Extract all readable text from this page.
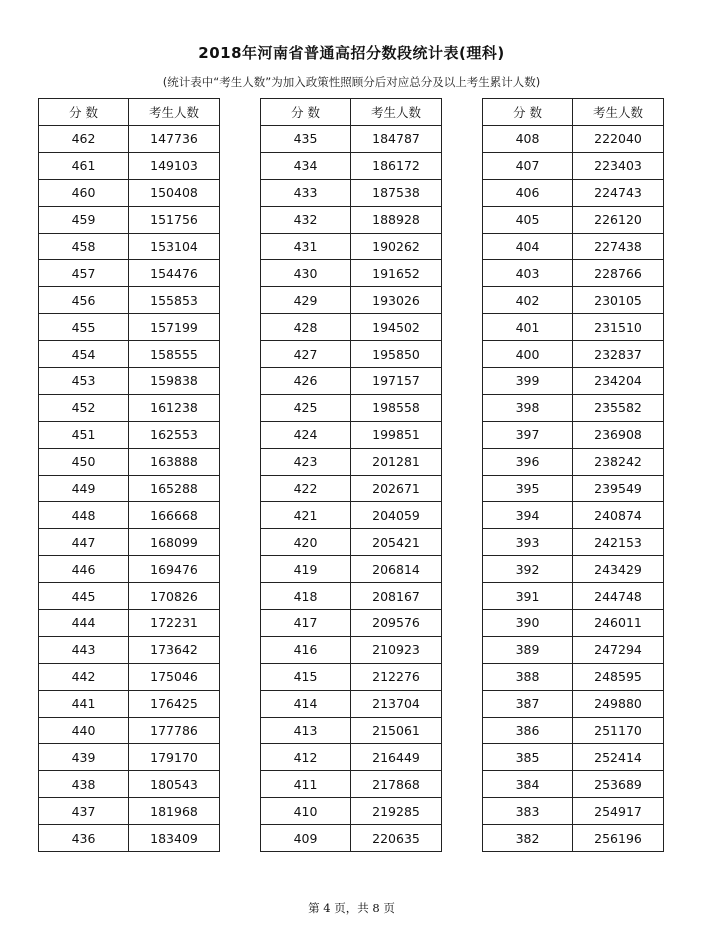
2018年河南省普通高招分数段统计表(理科)
(统计表中“考生人数”为加入政策性照顾分后对应总分及以上考生累计人数)
分 数	考生人数
462	147736
461	149103
460	150408
459	151756
458	153104
457	154476
456	155853
455	157199
454	158555
453	159838
452	161238
451	162553
450	163888
449	165288
448	166668
447	168099
446	169476
445	170826
444	172231
443	173642
442	175046
441	176425
440	177786
439	179170
438	180543
437	181968
436	183409
分 数	考生人数
435	184787
434	186172
433	187538
432	188928
431	190262
430	191652
429	193026
428	194502
427	195850
426	197157
425	198558
424	199851
423	201281
422	202671
421	204059
420	205421
419	206814
418	208167
417	209576
416	210923
415	212276
414	213704
413	215061
412	216449
411	217868
410	219285
409	220635
分 数	考生人数
408	222040
407	223403
406	224743
405	226120
404	227438
403	228766
402	230105
401	231510
400	232837
399	234204
398	235582
397	236908
396	238242
395	239549
394	240874
393	242153
392	243429
391	244748
390	246011
389	247294
388	248595
387	249880
386	251170
385	252414
384	253689
383	254917
382	256196
第 4 页，共 8 页
